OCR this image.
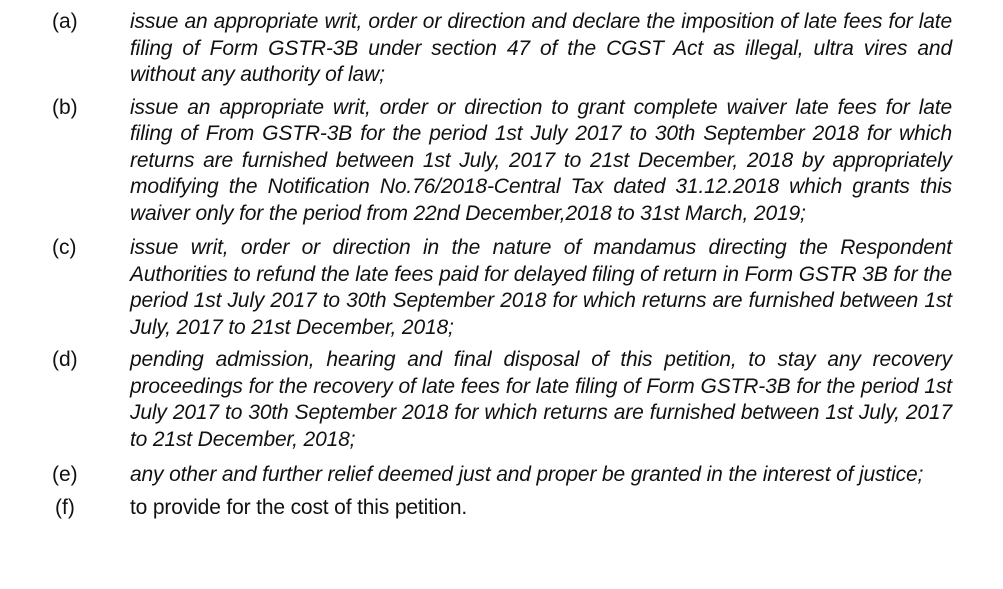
(a)	issue an appropriate writ, order or direction and declare the imposition of late fees for late filing of Form GSTR-3B under section 47 of the CGST Act as illegal, ultra vires and without any authority of law;
(b)	issue an appropriate writ, order or direction to grant complete waiver late fees for late filing of From GSTR-3B for the period 1st July 2017 to 30th September 2018 for which returns are furnished between 1st July, 2017 to 21st December, 2018 by appropriately modifying the Notification No.76/2018-Central Tax dated 31.12.2018 which grants this waiver only for the period from 22nd December,2018 to 31st March, 2019;
(c)	issue writ, order or direction in the nature of mandamus directing the Respondent Authorities to refund the late fees paid for delayed filing of return in Form GSTR 3B for the period 1st July 2017 to 30th September 2018 for which returns are furnished between 1st July, 2017 to 21st December, 2018;
(d)	pending admission, hearing and final disposal of this petition, to stay any recovery proceedings for the recovery of late fees for late filing of Form GSTR-3B for the period 1st July 2017 to 30th September 2018 for which returns are furnished between 1st July, 2017 to 21st December, 2018;
(e)	any other and further relief deemed just and proper be granted in the interest of justice;
(f)	to provide for the cost of this petition.
